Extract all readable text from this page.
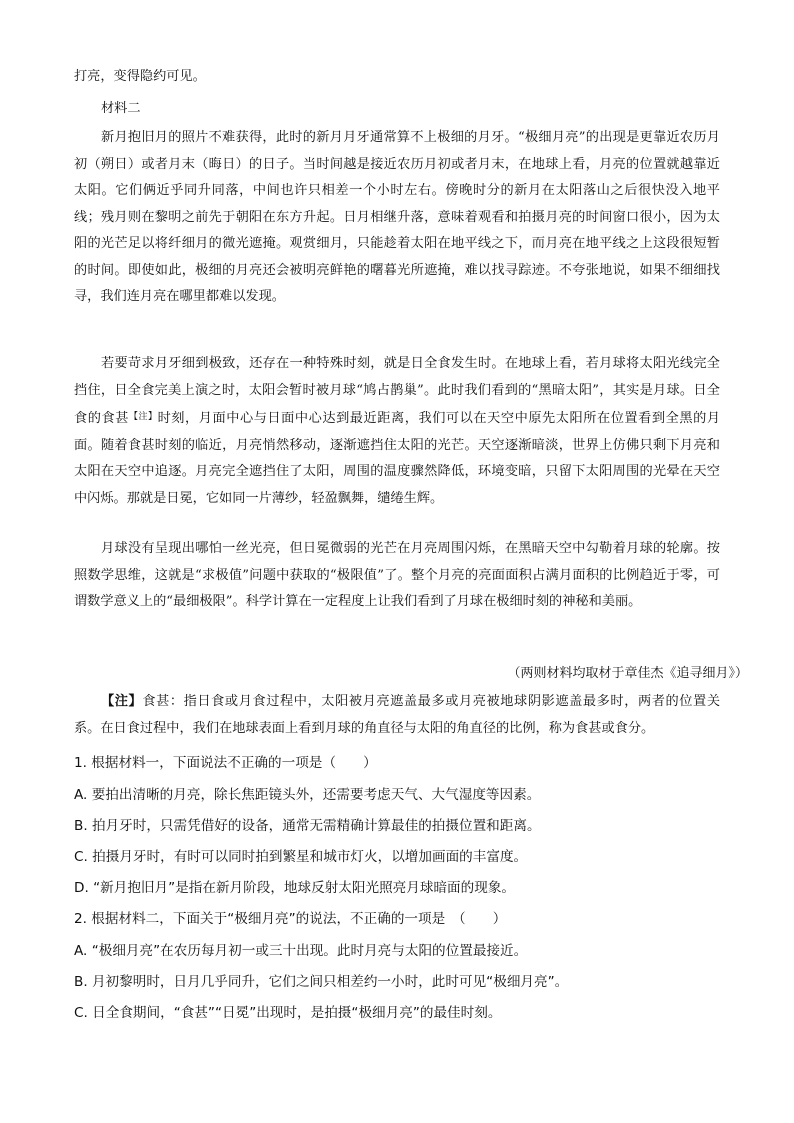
打亮，变得隐约可见。

材料二

新月抱旧月的照片不难获得，此时的新月月牙通常算不上极细的月牙。“极细月亮”的出现是更靠近农历月初（朔日）或者月末（晦日）的日子。当时间越是接近农历月初或者月末，在地球上看，月亮的位置就越靠近太阳。它们俩近乎同升同落，中间也许只相差一个小时左右。傍晚时分的新月在太阳落山之后很快没入地平线；残月则在黎明之前先于朝阳在东方升起。日月相继升落，意味着观看和拍摄月亮的时间窗口很小，因为太阳的光芒足以将纤细月的微光遮掩。观赏细月，只能趁着太阳在地平线之下，而月亮在地平线之上这段很短暂的时间。即使如此，极细的月亮还会被明亮鲜艳的曙暮光所遮掩，难以找寻踪迹。不夸张地说，如果不细细找寻，我们连月亮在哪里都难以发现。

若要苛求月牙细到极致，还存在一种特殊时刻，就是日全食发生时。在地球上看，若月球将太阳光线完全挡住，日全食完美上演之时，太阳会暂时被月球“鸠占鹊巢”。此时我们看到的“黑暗太阳”，其实是月球。日全食的食甚$^{【注】}$时刻，月面中心与日面中心达到最近距离，我们可以在天空中原先太阳所在位置看到全黑的月面。随着食甚时刻的临近，月亮悄然移动，逐渐遮挡住太阳的光芒。天空逐渐暗淡，世界上仿佛只剩下月亮和太阳在天空中追逐。月亮完全遮挡住了太阳，周围的温度骤然降低，环境变暗，只留下太阳周围的光晕在天空中闪烁。那就是日冕，它如同一片薄纱，轻盈飘舞，缱绻生辉。

月球没有呈现出哪怕一丝光亮，但日冕微弱的光芒在月亮周围闪烁，在黑暗天空中勾勒着月球的轮廓。按照数学思维，这就是“求极值”问题中获取的“极限值”了。整个月亮的亮面面积占满月面积的比例趋近于零，可谓数学意义上的“最细极限”。科学计算在一定程度上让我们看到了月球在极细时刻的神秘和美丽。

（两则材料均取材于章佳杰《追寻细月》）

【注】食甚：指日食或月食过程中，太阳被月亮遮盖最多或月亮被地球阴影遮盖最多时，两者的位置关系。在日食过程中，我们在地球表面上看到月球的角直径与太阳的角直径的比例，称为食甚或食分。

1. 根据材料一，下面说法不正确的一项是（　　）

A. 要拍出清晰的月亮，除长焦距镜头外，还需要考虑天气、大气湿度等因素。

B. 拍月牙时，只需凭借好的设备，通常无需精确计算最佳的拍摄位置和距离。

C. 拍摄月牙时，有时可以同时拍到繁星和城市灯火，以增加画面的丰富度。

D. “新月抱旧月”是指在新月阶段，地球反射太阳光照亮月球暗面的现象。

2. 根据材料二，下面关于“极细月亮”的说法，不正确的一项是　（　　）

A. “极细月亮”在农历每月初一或三十出现。此时月亮与太阳的位置最接近。

B. 月初黎明时，日月几乎同升，它们之间只相差约一小时，此时可见“极细月亮”。

C. 日全食期间，“食甚”“日冕”出现时，是拍摄“极细月亮”的最佳时刻。
